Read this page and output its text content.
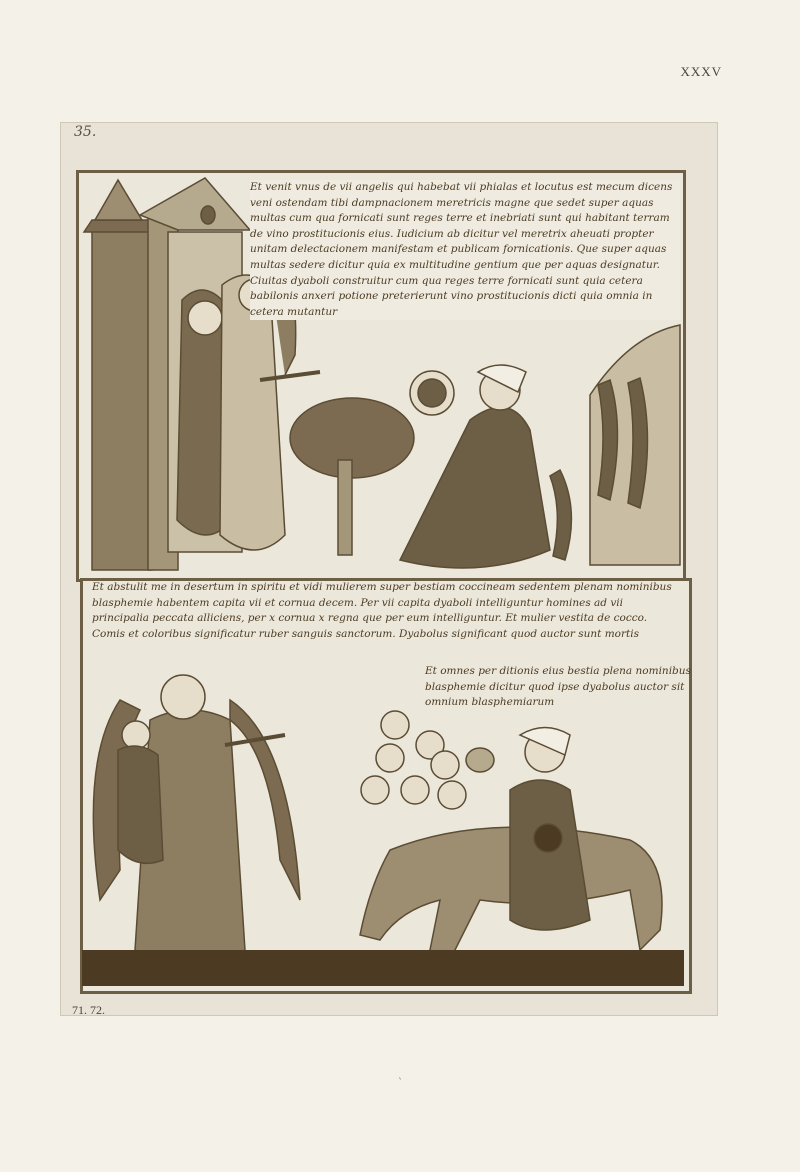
XXXV
35.
Et venit vnus de vii angelis qui habebat vii phialas et locutus est mecum dicens veni ostendam tibi dampnacionem meretricis magne que sedet super aquas multas cum qua fornicati sunt reges terre et inebriati sunt qui habitant terram de vino prostitucionis eius. Iudicium ab dicitur vel meretrix aheuati propter unitam delectacionem manifestam et publicam fornicationis. Que super aquas multas sedere dicitur quia ex multitudine gentium que per aquas designatur. Ciuitas dyaboli construitur cum qua reges terre fornicati sunt quia cetera babilonis anxeri potione preterierunt vino prostitucionis dicti quia omnia in cetera mutantur
Et abstulit me in desertum in spiritu et vidi mulierem super bestiam coccineam sedentem plenam nominibus blasphemie habentem capita vii et cornua decem. Per vii capita dyaboli intelliguntur homines ad vii principalia peccata alliciens, per x cornua x regna que per eum intelliguntur. Et mulier vestita de cocco. Comis et coloribus significatur ruber sanguis sanctorum. Dyabolus significant quod auctor sunt mortis
Et omnes per ditionis eius bestia plena nominibus blasphemie dicitur quod ipse dyabolus auctor sit omnium blasphemiarum
71. 72.
ˋ
